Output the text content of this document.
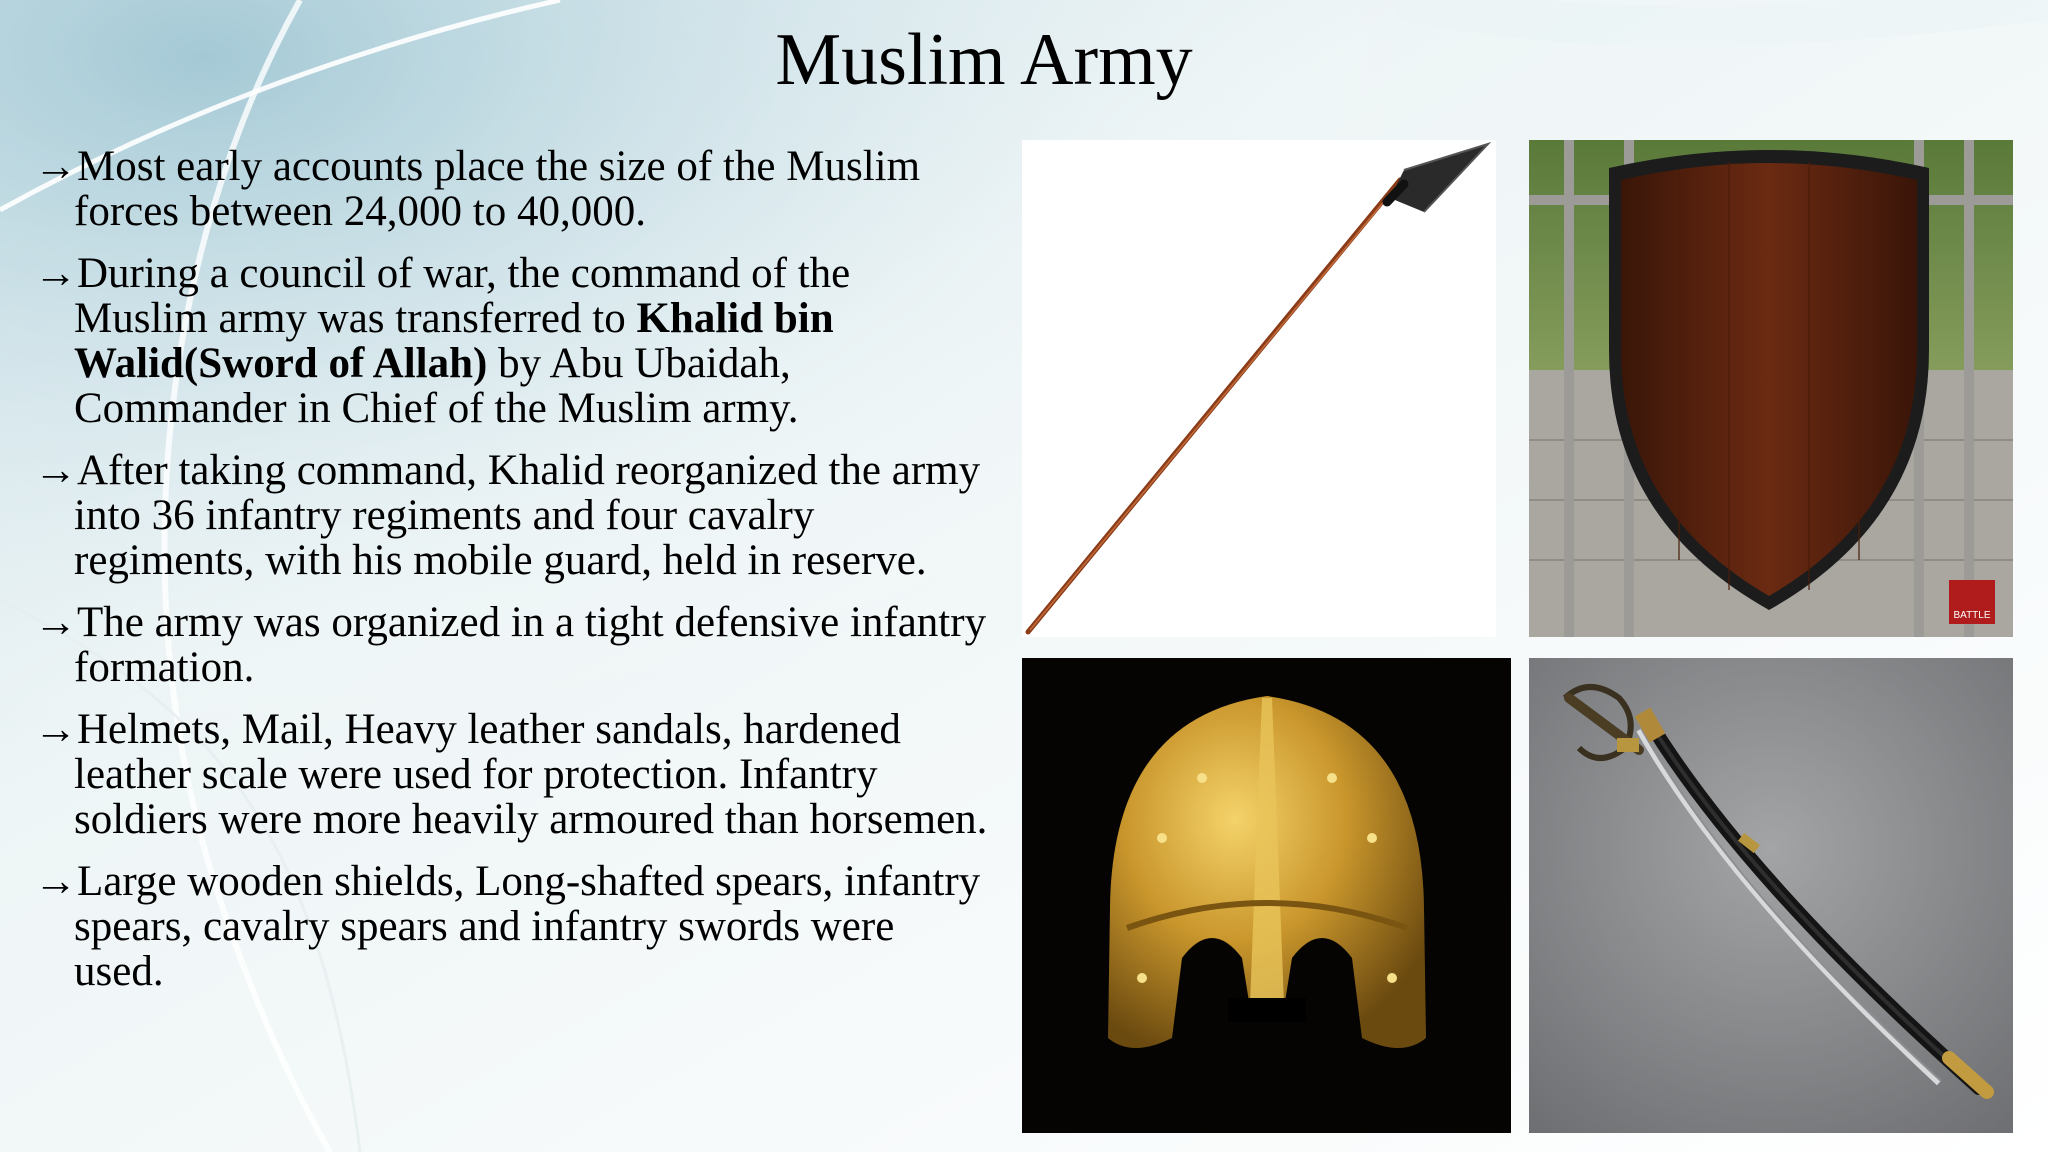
Muslim Army
→Most early accounts place the size of the Muslim forces between 24,000 to 40,000.
→During a council of war, the command of the Muslim army was transferred to Khalid bin Walid(Sword of Allah) by Abu Ubaidah, Commander in Chief of the Muslim army.
→After taking command, Khalid reorganized the army into 36 infantry regiments and four cavalry regiments, with his mobile guard, held in reserve.
→The army was organized in a tight defensive infantry formation.
→Helmets, Mail, Heavy leather sandals, hardened leather scale were used for protection. Infantry soldiers were more heavily armoured than horsemen.
→Large wooden shields, Long-shafted spears, infantry spears, cavalry spears and infantry swords were used.
BATTLE
